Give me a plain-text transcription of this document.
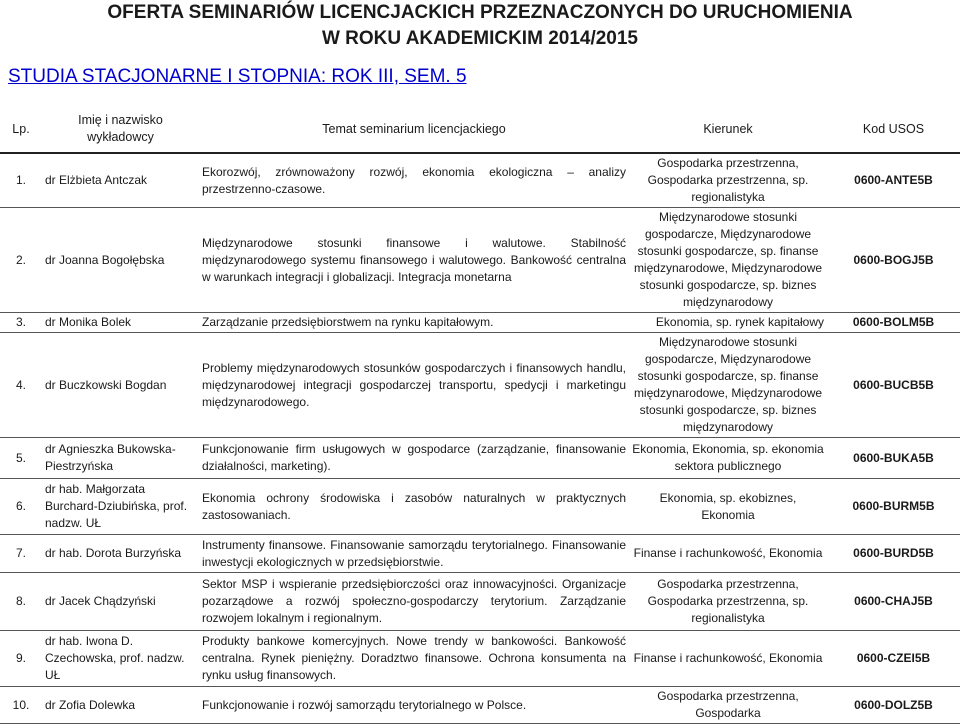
OFERTA SEMINARIÓW LICENCJACKICH PRZEZNACZONYCH DO URUCHOMIENIA
W ROKU AKADEMICKIM 2014/2015
STUDIA STACJONARNE I STOPNIA: ROK III, SEM. 5
Lp.	Imię i nazwisko wykładowcy	Temat seminarium licencjackiego	Kierunek	Kod USOS
1.	dr Elżbieta Antczak	Ekorozwój, zrównoważony rozwój, ekonomia ekologiczna – analizy przestrzenno-czasowe.	Gospodarka przestrzenna, Gospodarka przestrzenna, sp. regionalistyka	0600-ANTE5B
2.	dr Joanna Bogołębska	Międzynarodowe stosunki finansowe i walutowe. Stabilność międzynarodowego systemu finansowego i walutowego. Bankowość centralna w warunkach integracji i globalizacji. Integracja monetarna	Międzynarodowe stosunki gospodarcze, Międzynarodowe stosunki gospodarcze, sp. finanse międzynarodowe, Międzynarodowe stosunki gospodarcze, sp. biznes międzynarodowy	0600-BOGJ5B
3.	dr Monika Bolek	Zarządzanie przedsiębiorstwem na rynku kapitałowym.	Ekonomia, sp. rynek kapitałowy	0600-BOLM5B
4.	dr Buczkowski Bogdan	Problemy międzynarodowych stosunków gospodarczych i finansowych handlu, międzynarodowej integracji gospodarczej transportu, spedycji i marketingu międzynarodowego.	Międzynarodowe stosunki gospodarcze, Międzynarodowe stosunki gospodarcze, sp. finanse międzynarodowe, Międzynarodowe stosunki gospodarcze, sp. biznes międzynarodowy	0600-BUCB5B
5.	dr Agnieszka Bukowska-Piestrzyńska	Funkcjonowanie firm usługowych w gospodarce (zarządzanie, finansowanie działalności, marketing).	Ekonomia, Ekonomia, sp. ekonomia sektora publicznego	0600-BUKA5B
6.	dr hab. Małgorzata Burchard-Dziubińska, prof. nadzw. UŁ	Ekonomia ochrony środowiska i zasobów naturalnych w praktycznych zastosowaniach.	Ekonomia, sp. ekobiznes, Ekonomia	0600-BURM5B
7.	dr hab. Dorota Burzyńska	Instrumenty finansowe. Finansowanie samorządu terytorialnego. Finansowanie inwestycji ekologicznych w przedsiębiorstwie.	Finanse i rachunkowość, Ekonomia	0600-BURD5B
8.	dr Jacek Chądzyński	Sektor MSP i wspieranie przedsiębiorczości oraz innowacyjności. Organizacje pozarządowe a rozwój społeczno-gospodarczy terytorium. Zarządzanie rozwojem lokalnym i regionalnym.	Gospodarka przestrzenna, Gospodarka przestrzenna, sp. regionalistyka	0600-CHAJ5B
9.	dr hab. Iwona D. Czechowska, prof. nadzw. UŁ	Produkty bankowe komercyjnych. Nowe trendy w bankowości. Bankowość centralna. Rynek pieniężny. Doradztwo finansowe. Ochrona konsumenta na rynku usług finansowych.	Finanse i rachunkowość, Ekonomia	0600-CZEI5B
10.	dr Zofia Dolewka	Funkcjonowanie i rozwój samorządu terytorialnego w Polsce.	Gospodarka przestrzenna, Gospodarka	0600-DOLZ5B
